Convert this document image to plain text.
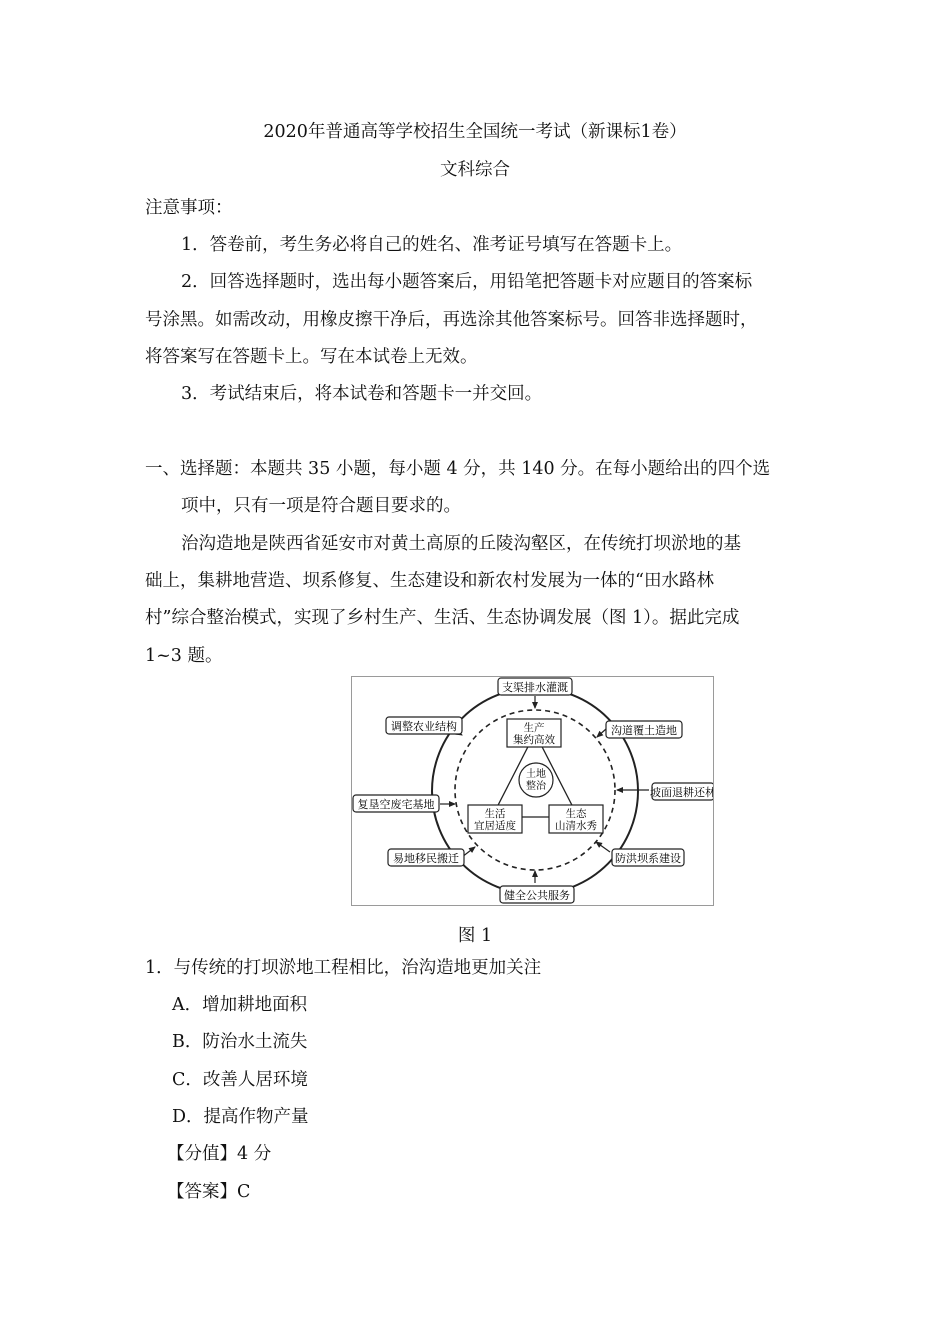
2020年普通高等学校招生全国统一考试（新课标1卷）
文科综合
注意事项：
1．答卷前，考生务必将自己的姓名、准考证号填写在答题卡上。
2．回答选择题时，选出每小题答案后，用铅笔把答题卡对应题目的答案标
号涂黑。如需改动，用橡皮擦干净后，再选涂其他答案标号。回答非选择题时，
将答案写在答题卡上。写在本试卷上无效。
3．考试结束后，将本试卷和答题卡一并交回。
一、选择题：本题共 35 小题，每小题 4 分，共 140 分。在每小题给出的四个选
项中，只有一项是符合题目要求的。
治沟造地是陕西省延安市对黄土高原的丘陵沟壑区，在传统打坝淤地的基
础上，集耕地营造、坝系修复、生态建设和新农村发展为一体的“田水路林
村”综合整治模式，实现了乡村生产、生活、生态协调发展（图 1）。据此完成
1~3 题。
支渠排水灌溉
沟道覆土造地
坡面退耕还林
防洪坝系建设
健全公共服务
易地移民搬迁
复垦空废宅基地
调整农业结构	生产
集约高效
生活
宜居适度
生态
山清水秀
土地
整治
图 1
1．与传统的打坝淤地工程相比，治沟造地更加关注
A．增加耕地面积
B．防治水土流失
C．改善人居环境
D．提高作物产量
【分值】4 分
【答案】C
